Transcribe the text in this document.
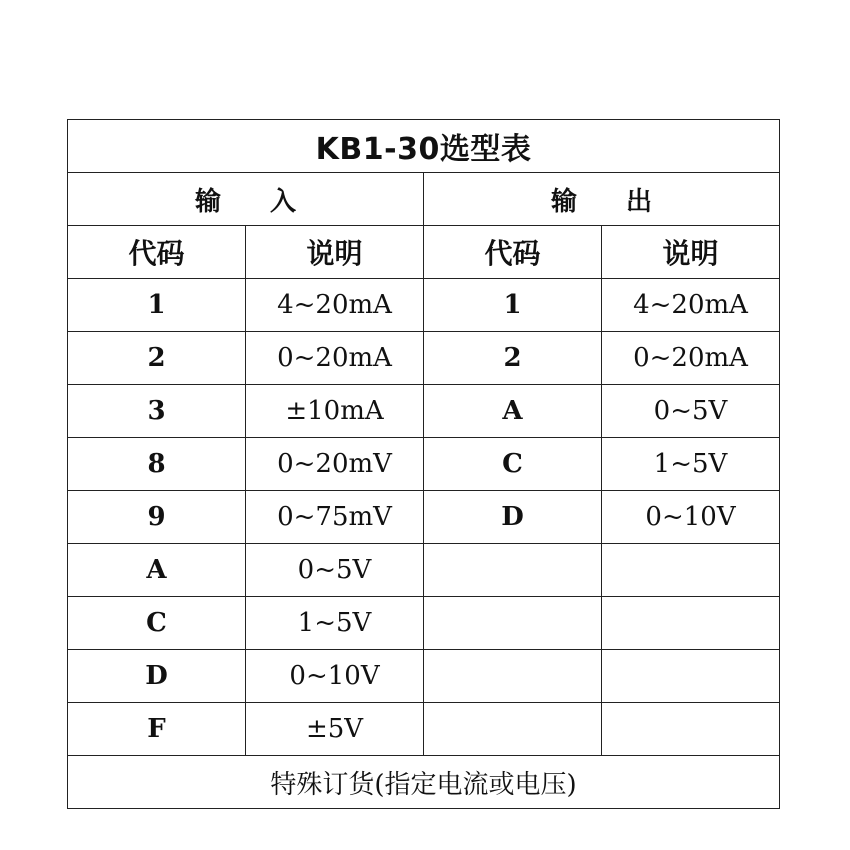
KB1-30选型表			
输 入		输 出	
代码	说明	代码	说明
1	4~20mA	1	4~20mA
2	0~20mA	2	0~20mA
3	±10mA	A	0~5V
8	0~20mV	C	1~5V
9	0~75mV	D	0~10V
A	0~5V		
C	1~5V		
D	0~10V		
F	±5V		
特殊订货(指定电流或电压)			
